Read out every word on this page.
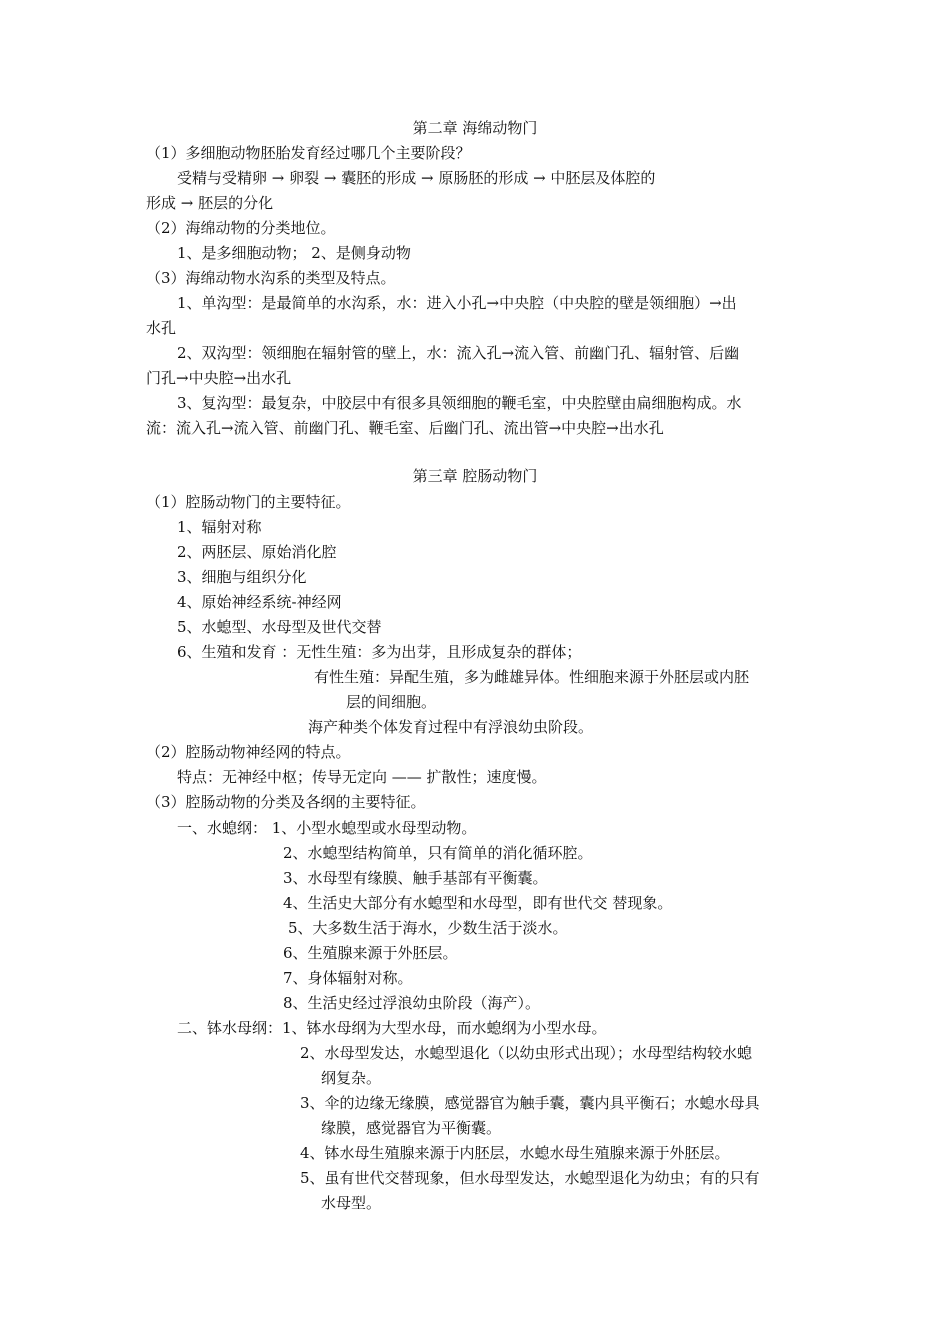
第二章 海绵动物门
（1）多细胞动物胚胎发育经过哪几个主要阶段？
受精与受精卵 → 卵裂 → 囊胚的形成 → 原肠胚的形成 → 中胚层及体腔的
形成 → 胚层的分化
（2）海绵动物的分类地位。
1、是多细胞动物； 2、是侧身动物
（3）海绵动物水沟系的类型及特点。
1、单沟型：是最简单的水沟系，水：进入小孔→中央腔（中央腔的壁是领细胞）→出
水孔
2、双沟型：领细胞在辐射管的壁上，水：流入孔→流入管、前幽门孔、辐射管、后幽
门孔→中央腔→出水孔
3、复沟型：最复杂，中胶层中有很多具领细胞的鞭毛室，中央腔壁由扁细胞构成。水
流：流入孔→流入管、前幽门孔、鞭毛室、后幽门孔、流出管→中央腔→出水孔
第三章 腔肠动物门
（1）腔肠动物门的主要特征。
1、辐射对称
2、两胚层、原始消化腔
3、细胞与组织分化
4、原始神经系统-神经网
5、水螅型、水母型及世代交替
6、生殖和发育 ：无性生殖：多为出芽，且形成复杂的群体；
有性生殖：异配生殖，多为雌雄异体。性细胞来源于外胚层或内胚
层的间细胞。
海产种类个体发育过程中有浮浪幼虫阶段。
（2）腔肠动物神经网的特点。
特点：无神经中枢；传导无定向 —— 扩散性；速度慢。
（3）腔肠动物的分类及各纲的主要特征。
一、水螅纲： 1、小型水螅型或水母型动物。
2、水螅型结构简单，只有简单的消化循环腔。
3、水母型有缘膜、触手基部有平衡囊。
4、生活史大部分有水螅型和水母型，即有世代交 替现象。
5、大多数生活于海水，少数生活于淡水。
6、生殖腺来源于外胚层。
7、身体辐射对称。
8、生活史经过浮浪幼虫阶段（海产）。
二、钵水母纲：1、钵水母纲为大型水母，而水螅纲为小型水母。
2、水母型发达，水螅型退化（以幼虫形式出现）；水母型结构较水螅
纲复杂。
3、伞的边缘无缘膜，感觉器官为触手囊，囊内具平衡石；水螅水母具
缘膜，感觉器官为平衡囊。
4、钵水母生殖腺来源于内胚层，水螅水母生殖腺来源于外胚层。
5、虽有世代交替现象，但水母型发达，水螅型退化为幼虫；有的只有
水母型。
